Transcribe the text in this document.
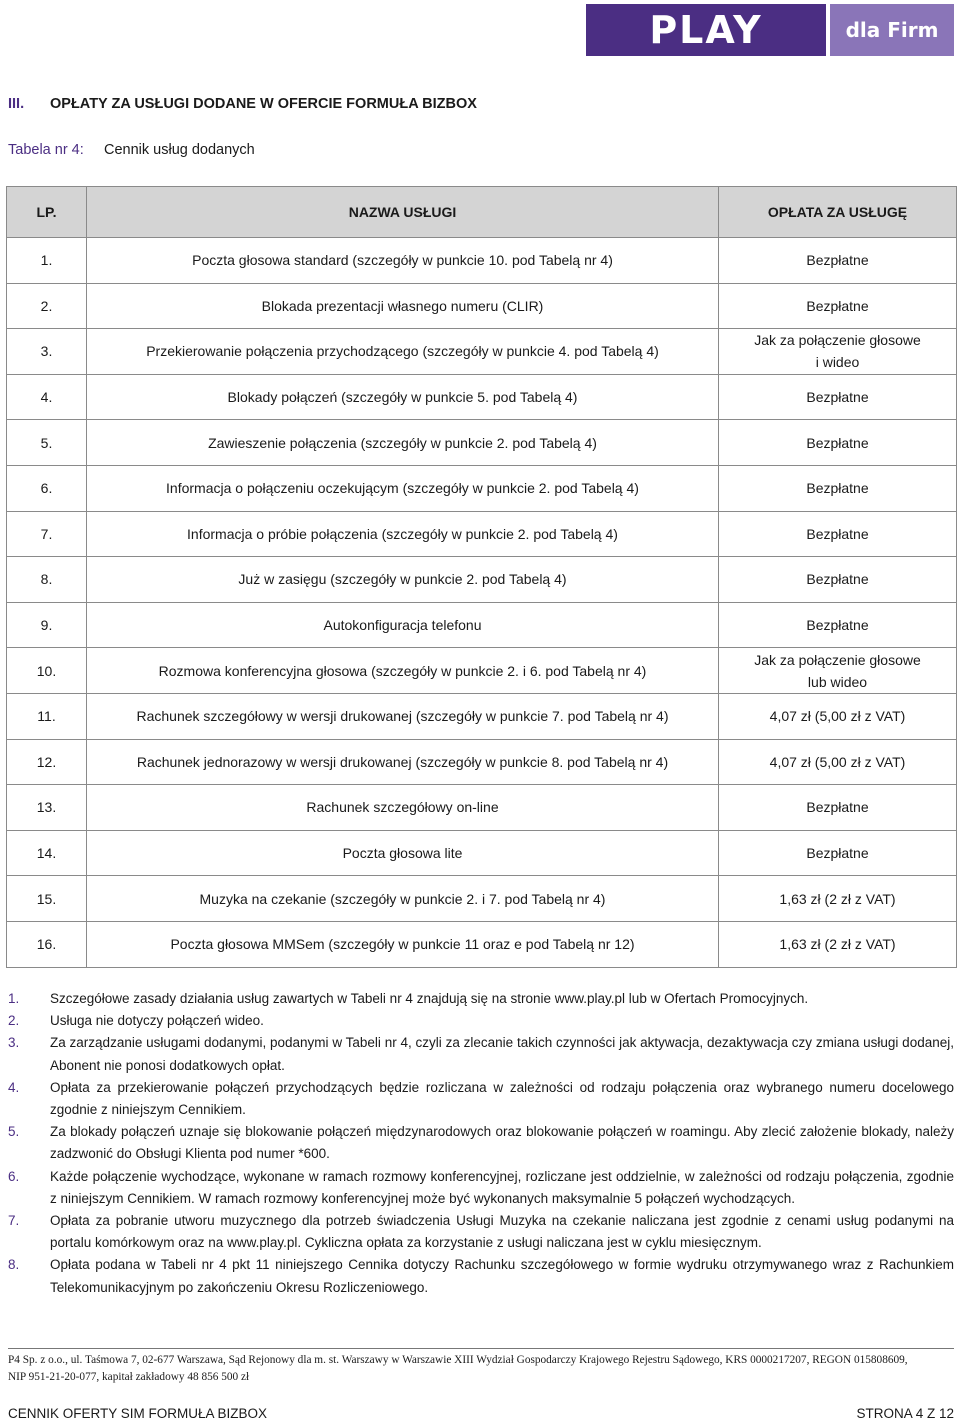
PLAY	dla Firm
III. OPŁATY ZA USŁUGI DODANE W OFERCIE FORMUŁA BIZBOX
Tabela nr 4: Cennik usług dodanych
LP.	NAZWA USŁUGI	OPŁATA ZA USŁUGĘ
1.	Poczta głosowa standard (szczegóły w punkcie 10. pod Tabelą nr 4)	Bezpłatne

2.	Blokada prezentacji własnego numeru (CLIR)	Bezpłatne

3.	Przekierowanie połączenia przychodzącego (szczegóły w punkcie 4. pod Tabelą 4)	Jak za połączenie głosowe
i wideo

4.	Blokady połączeń (szczegóły w punkcie 5. pod Tabelą 4)	Bezpłatne

5.	Zawieszenie połączenia (szczegóły w punkcie 2. pod Tabelą 4)	Bezpłatne

6.	Informacja o połączeniu oczekującym (szczegóły w punkcie 2. pod Tabelą 4)	Bezpłatne

7.	Informacja o próbie połączenia (szczegóły w punkcie 2. pod Tabelą 4)	Bezpłatne

8.	Już w zasięgu (szczegóły w punkcie 2. pod Tabelą 4)	Bezpłatne

9.	Autokonfiguracja telefonu	Bezpłatne

10.	Rozmowa konferencyjna głosowa (szczegóły w punkcie 2. i 6. pod Tabelą nr 4)	Jak za połączenie głosowe
lub wideo

11.	Rachunek szczegółowy w wersji drukowanej (szczegóły w punkcie 7. pod Tabelą nr 4)	4,07 zł (5,00 zł z VAT)

12.	Rachunek jednorazowy w wersji drukowanej (szczegóły w punkcie 8. pod Tabelą nr 4)	4,07 zł (5,00 zł z VAT)

13.	Rachunek szczegółowy on-line	Bezpłatne

14.	Poczta głosowa lite	Bezpłatne

15.	Muzyka na czekanie (szczegóły w punkcie 2. i 7. pod Tabelą nr 4)	1,63 zł (2 zł z VAT)

16.	Poczta głosowa MMSem (szczegóły w punkcie 11 oraz e pod Tabelą nr 12)	1,63 zł (2 zł z VAT)
1.	Szczegółowe zasady działania usług zawartych w Tabeli nr 4 znajdują się na stronie www.play.pl lub w Ofertach Promocyjnych.
2.	Usługa nie dotyczy połączeń wideo.
3.	Za zarządzanie usługami dodanymi, podanymi w Tabeli nr 4, czyli za zlecanie takich czynności jak aktywacja, dezaktywacja czy zmiana usługi dodanej, Abonent nie ponosi dodatkowych opłat.
4.	Opłata za przekierowanie połączeń przychodzących będzie rozliczana w zależności od rodzaju połączenia oraz wybranego numeru docelowego zgodnie z niniejszym Cennikiem.
5.	Za blokady połączeń uznaje się blokowanie połączeń międzynarodowych oraz blokowanie połączeń w roamingu. Aby zlecić założenie blokady, należy zadzwonić do Obsługi Klienta pod numer *600.
6.	Każde połączenie wychodzące, wykonane w ramach rozmowy konferencyjnej, rozliczane jest oddzielnie, w zależności od rodzaju połączenia, zgodnie z niniejszym Cennikiem. W ramach rozmowy konferencyjnej może być wykonanych maksymalnie 5 połączeń wychodzących.
7.	Opłata za pobranie utworu muzycznego dla potrzeb świadczenia Usługi Muzyka na czekanie naliczana jest zgodnie z cenami usług podanymi na portalu komórkowym oraz na www.play.pl. Cykliczna opłata za korzystanie z usługi naliczana jest w cyklu miesięcznym.
8.	Opłata podana w Tabeli nr 4 pkt 11 niniejszego Cennika dotyczy Rachunku szczegółowego w formie wydruku otrzymywanego wraz z Rachunkiem Telekomunikacyjnym po zakończeniu Okresu Rozliczeniowego.
P4 Sp. z o.o., ul. Taśmowa 7, 02-677 Warszawa, Sąd Rejonowy dla m. st. Warszawy w Warszawie XIII Wydział Gospodarczy Krajowego Rejestru Sądowego, KRS 0000217207, REGON 015808609,
NIP 951-21-20-077, kapitał zakładowy 48 856 500 zł
CENNIK OFERTY SIM FORMUŁA BIZBOX	STRONA 4 Z 12
